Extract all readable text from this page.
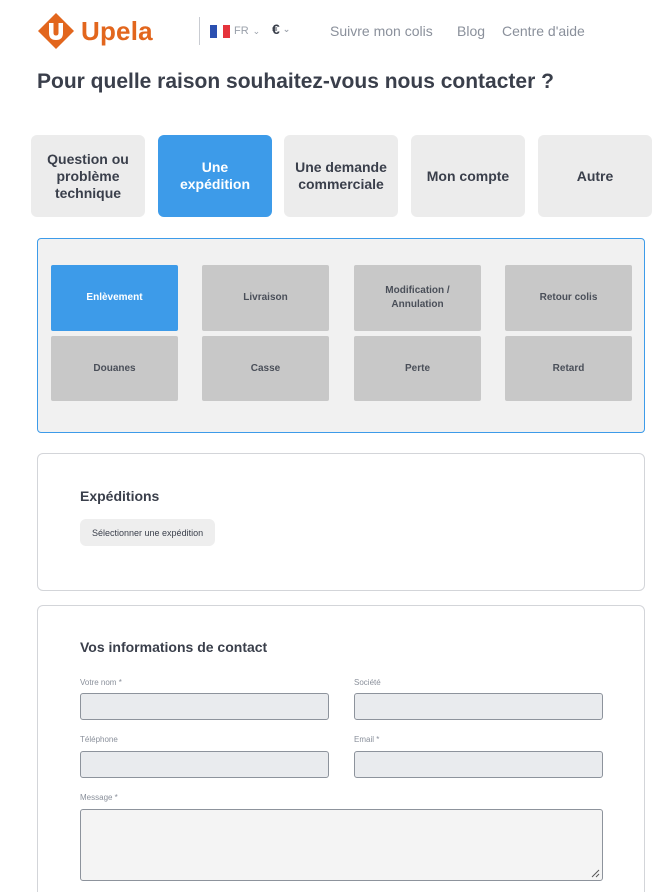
Upela	FR ⌄ € ⌄	Suivre mon colis Blog Centre d'aide
Pour quelle raison souhaitez-vous nous contacter ?
Question ou problème technique
Une expédition
Une demande commerciale
Mon compte	Autre
Enlèvement	Livraison
Modification / Annulation
Retour colis
Douanes	Casse	Perte	Retard
Expéditions
Sélectionner une expédition
Vos informations de contact
Votre nom *	Société
Téléphone	Email *
Message *
